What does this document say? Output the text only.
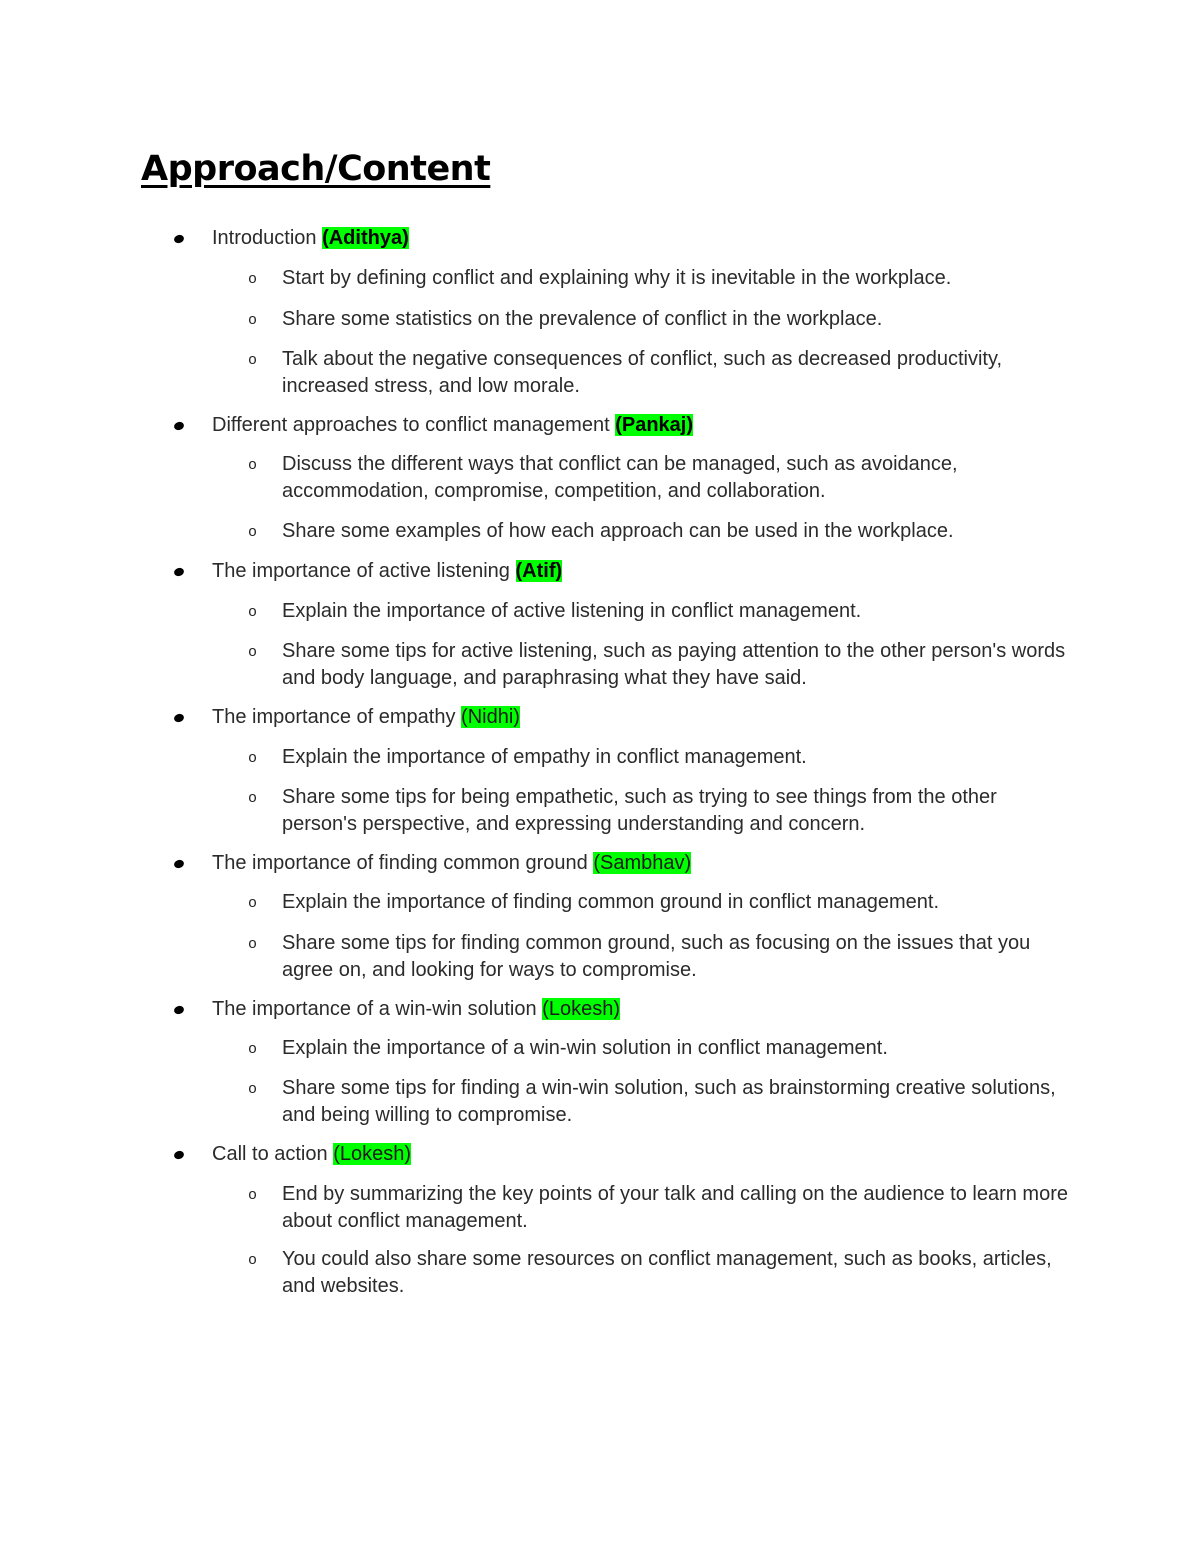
Approach/Content
Introduction (Adithya)
o Start by defining conflict and explaining why it is inevitable in the workplace.
o Share some statistics on the prevalence of conflict in the workplace.
o Talk about the negative consequences of conflict, such as decreased productivity, increased stress, and low morale.
Different approaches to conflict management (Pankaj)
o Discuss the different ways that conflict can be managed, such as avoidance, accommodation, compromise, competition, and collaboration.
o Share some examples of how each approach can be used in the workplace.
The importance of active listening (Atif)
o Explain the importance of active listening in conflict management.
o Share some tips for active listening, such as paying attention to the other person's words and body language, and paraphrasing what they have said.
The importance of empathy (Nidhi)
o Explain the importance of empathy in conflict management.
o Share some tips for being empathetic, such as trying to see things from the other person's perspective, and expressing understanding and concern.
The importance of finding common ground (Sambhav)
o Explain the importance of finding common ground in conflict management.
o Share some tips for finding common ground, such as focusing on the issues that you agree on, and looking for ways to compromise.
The importance of a win-win solution (Lokesh)
o Explain the importance of a win-win solution in conflict management.
o Share some tips for finding a win-win solution, such as brainstorming creative solutions, and being willing to compromise.
Call to action (Lokesh)
o End by summarizing the key points of your talk and calling on the audience to learn more about conflict management.
o You could also share some resources on conflict management, such as books, articles, and websites.
